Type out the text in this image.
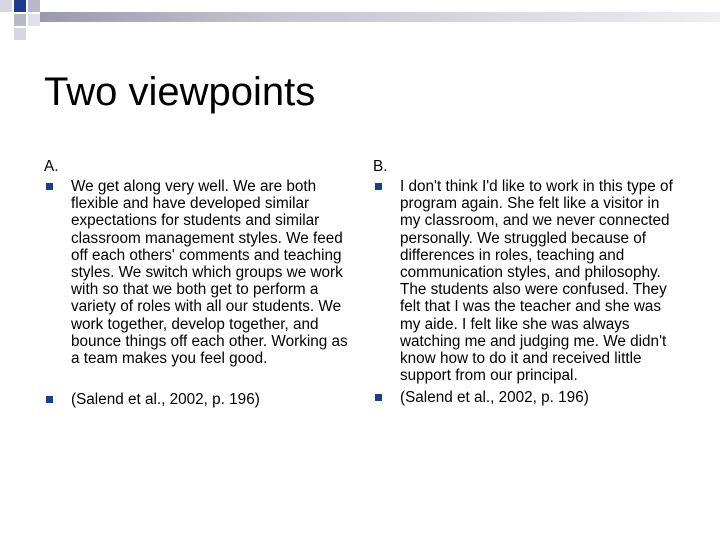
Two viewpoints
A.
We get along very well. We are both flexible and have developed similar expectations for students and similar classroom management styles. We feed off each others' comments and teaching styles. We switch which groups we work with so that we both get to perform a variety of roles with all our students. We work together, develop together, and bounce things off each other. Working as a team makes you feel good.
(Salend et al., 2002, p. 196)
B.
I don't think I'd like to work in this type of program again. She felt like a visitor in my classroom, and we never connected personally. We struggled because of differences in roles, teaching and communication styles, and philosophy. The students also were confused. They felt that I was the teacher and she was my aide. I felt like she was always watching me and judging me. We didn't know how to do it and received little support from our principal.
(Salend et al., 2002, p. 196)
